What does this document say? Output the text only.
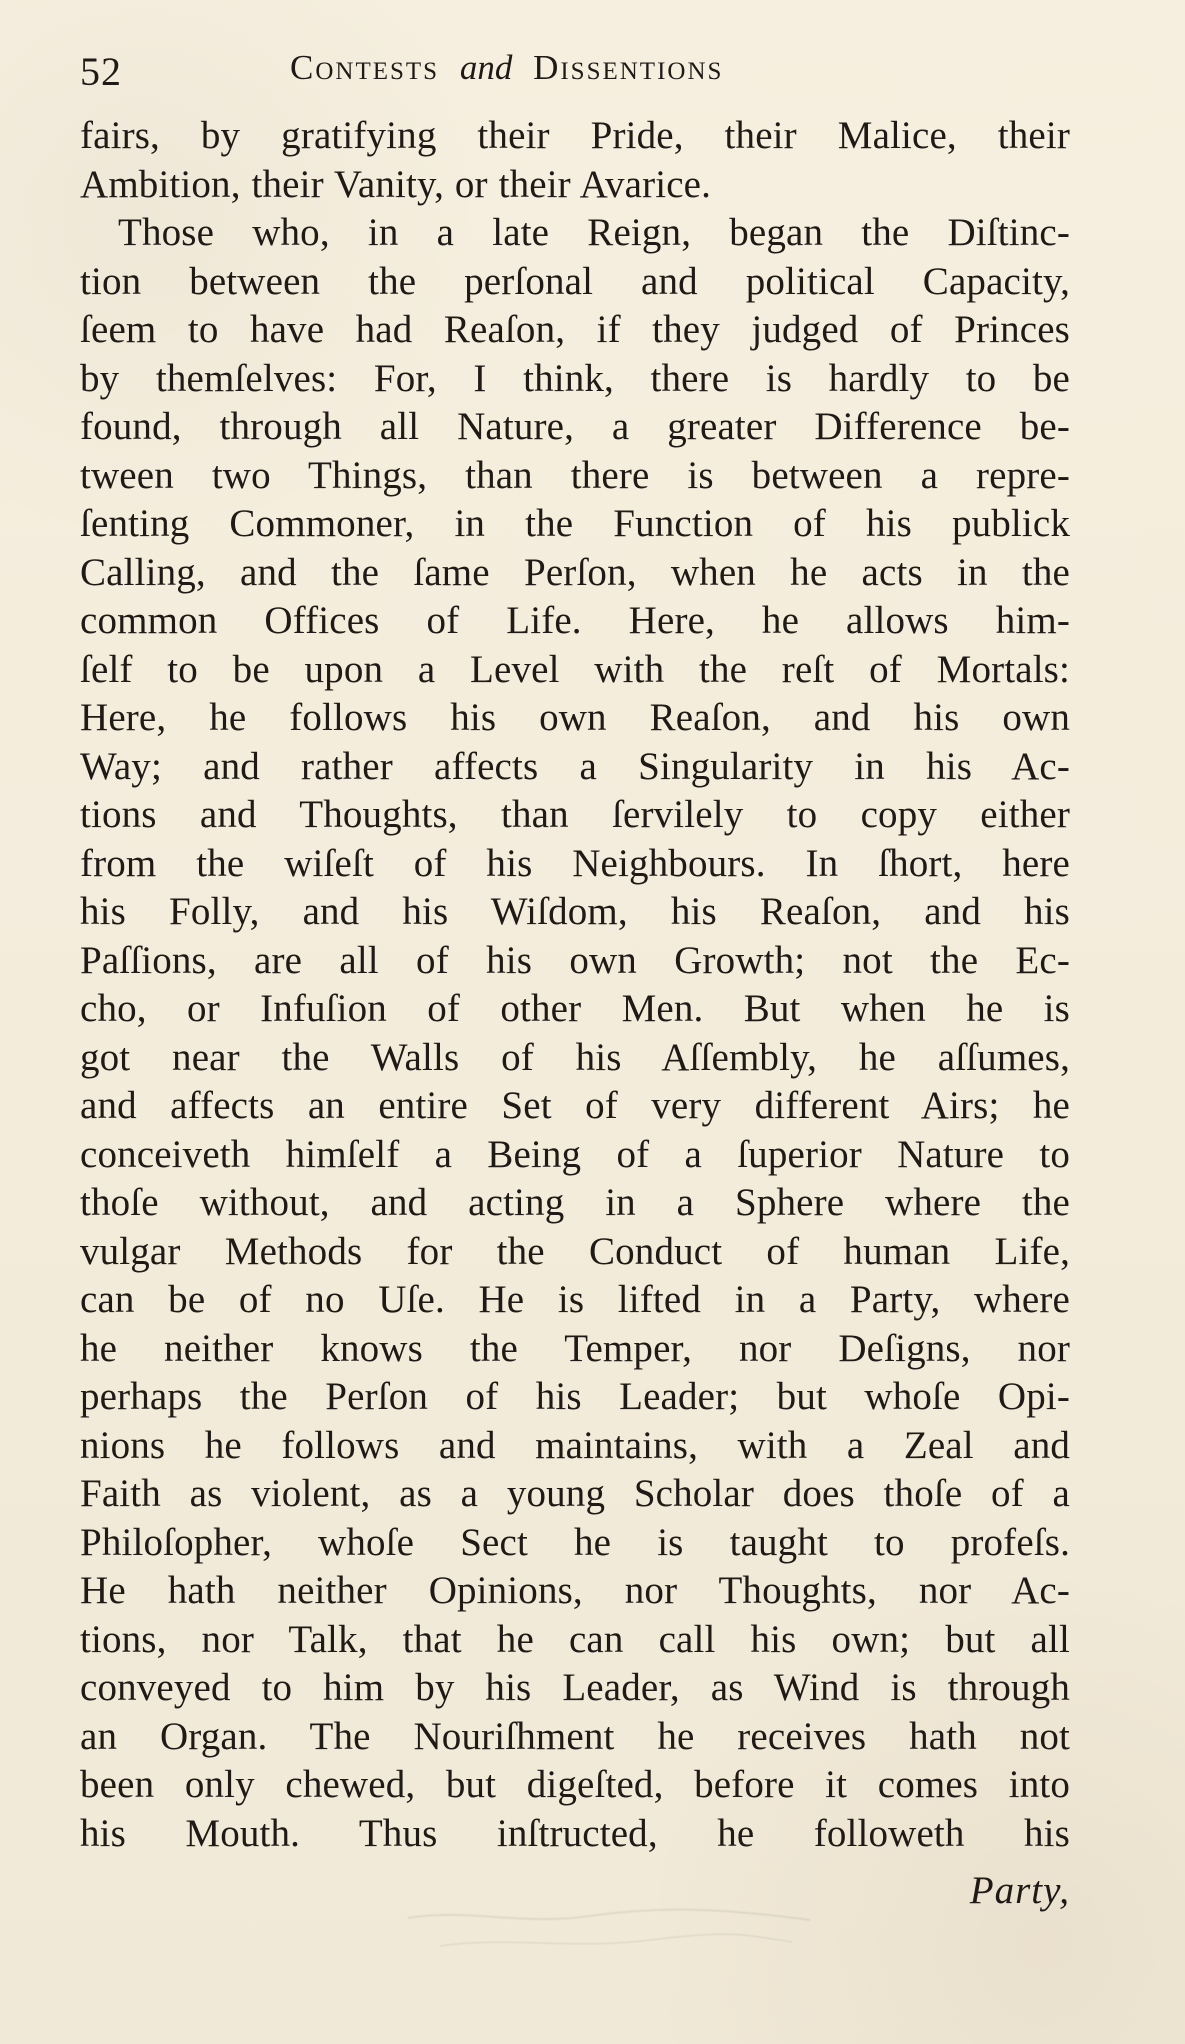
52	Contests and Dissentions
fairs, by gratifying their Pride, their Malice, their
Ambition, their Vanity, or their Avarice.
Those who, in a late Reign, began the Diſtinc-
tion between the perſonal and political Capacity,
ſeem to have had Reaſon, if they judged of Princes
by themſelves: For, I think, there is hardly to be
found, through all Nature, a greater Difference be-
tween two Things, than there is between a repre-
ſenting Commoner, in the Function of his publick
Calling, and the ſame Perſon, when he acts in the
common Offices of Life. Here, he allows him-
ſelf to be upon a Level with the reſt of Mortals:
Here, he follows his own Reaſon, and his own
Way; and rather affects a Singularity in his Ac-
tions and Thoughts, than ſervilely to copy either
from the wiſeſt of his Neighbours. In ſhort, here
his Folly, and his Wiſdom, his Reaſon, and his
Paſſions, are all of his own Growth; not the Ec-
cho, or Infuſion of other Men. But when he is
got near the Walls of his Aſſembly, he aſſumes,
and affects an entire Set of very different Airs; he
conceiveth himſelf a Being of a ſuperior Nature to
thoſe without, and acting in a Sphere where the
vulgar Methods for the Conduct of human Life,
can be of no Uſe. He is lifted in a Party, where
he neither knows the Temper, nor Deſigns, nor
perhaps the Perſon of his Leader; but whoſe Opi-
nions he follows and maintains, with a Zeal and
Faith as violent, as a young Scholar does thoſe of a
Philoſopher, whoſe Sect he is taught to profeſs.
He hath neither Opinions, nor Thoughts, nor Ac-
tions, nor Talk, that he can call his own; but all
conveyed to him by his Leader, as Wind is through
an Organ. The Nouriſhment he receives hath not
been only chewed, but digeſted, before it comes into
his Mouth. Thus inſtructed, he followeth his
Party,
